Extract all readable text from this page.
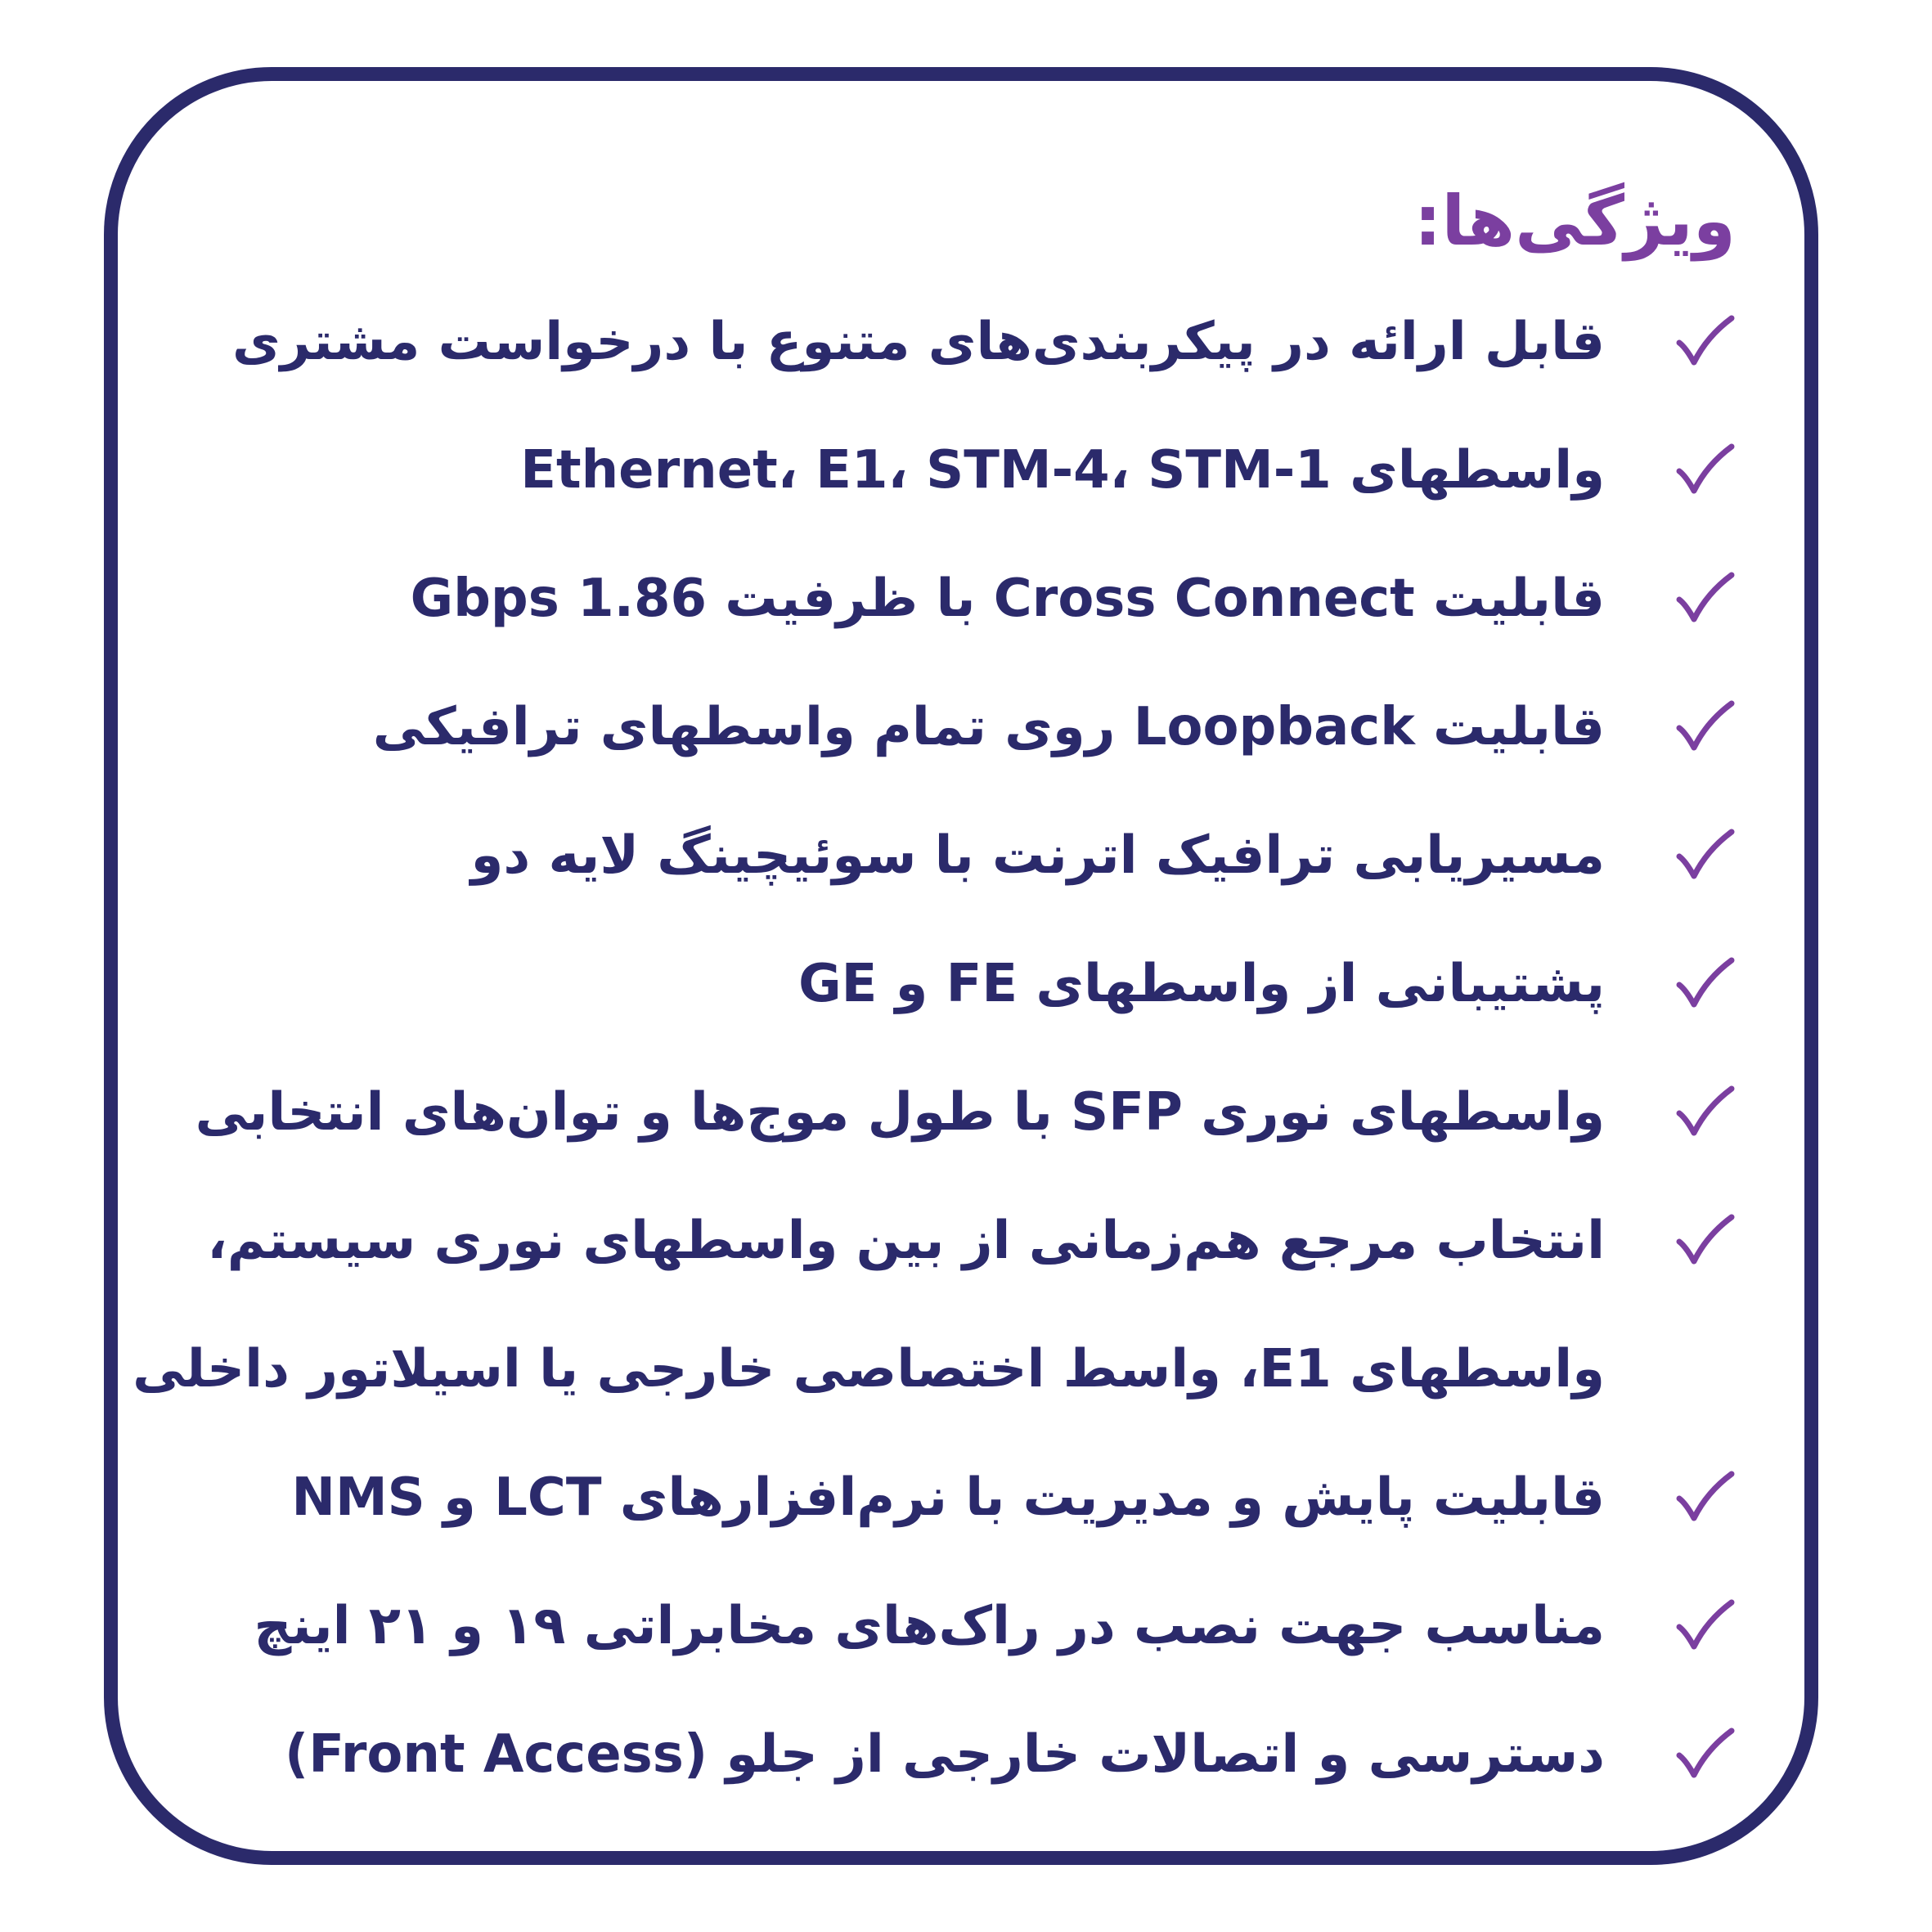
ویژگی‌ها:
قابل ارائه در پیکربندی‌های متنوع با درخواست مشتری
واسطهای Ethernet، E1، STM-4، STM-1
قابلیت Cross Connect با ظرفیت 1.86 Gbps
قابلیت Loopback روی تمام واسطهای ترافیکی
مسیریابی ترافیک اترنت با سوئیچینگ لایه دو
پشتیبانی از واسطهای FE و GE
واسطهای نوری SFP با طول موج‌ها و توان‌های انتخابی
انتخاب مرجع هم‌زمانی از بین واسطهای نوری سیستم،
واسطهای E1، واسط اختصاصی خارجی یا اسیلاتور داخلی
قابلیت پایش و مدیریت با نرم‌افزارهای LCT و NMS
مناسب جهت نصب در راک‌های مخابراتی ۱۹ و ۲۱ اینچ
دسترسی و اتصالات خارجی از جلو (Front Access)
